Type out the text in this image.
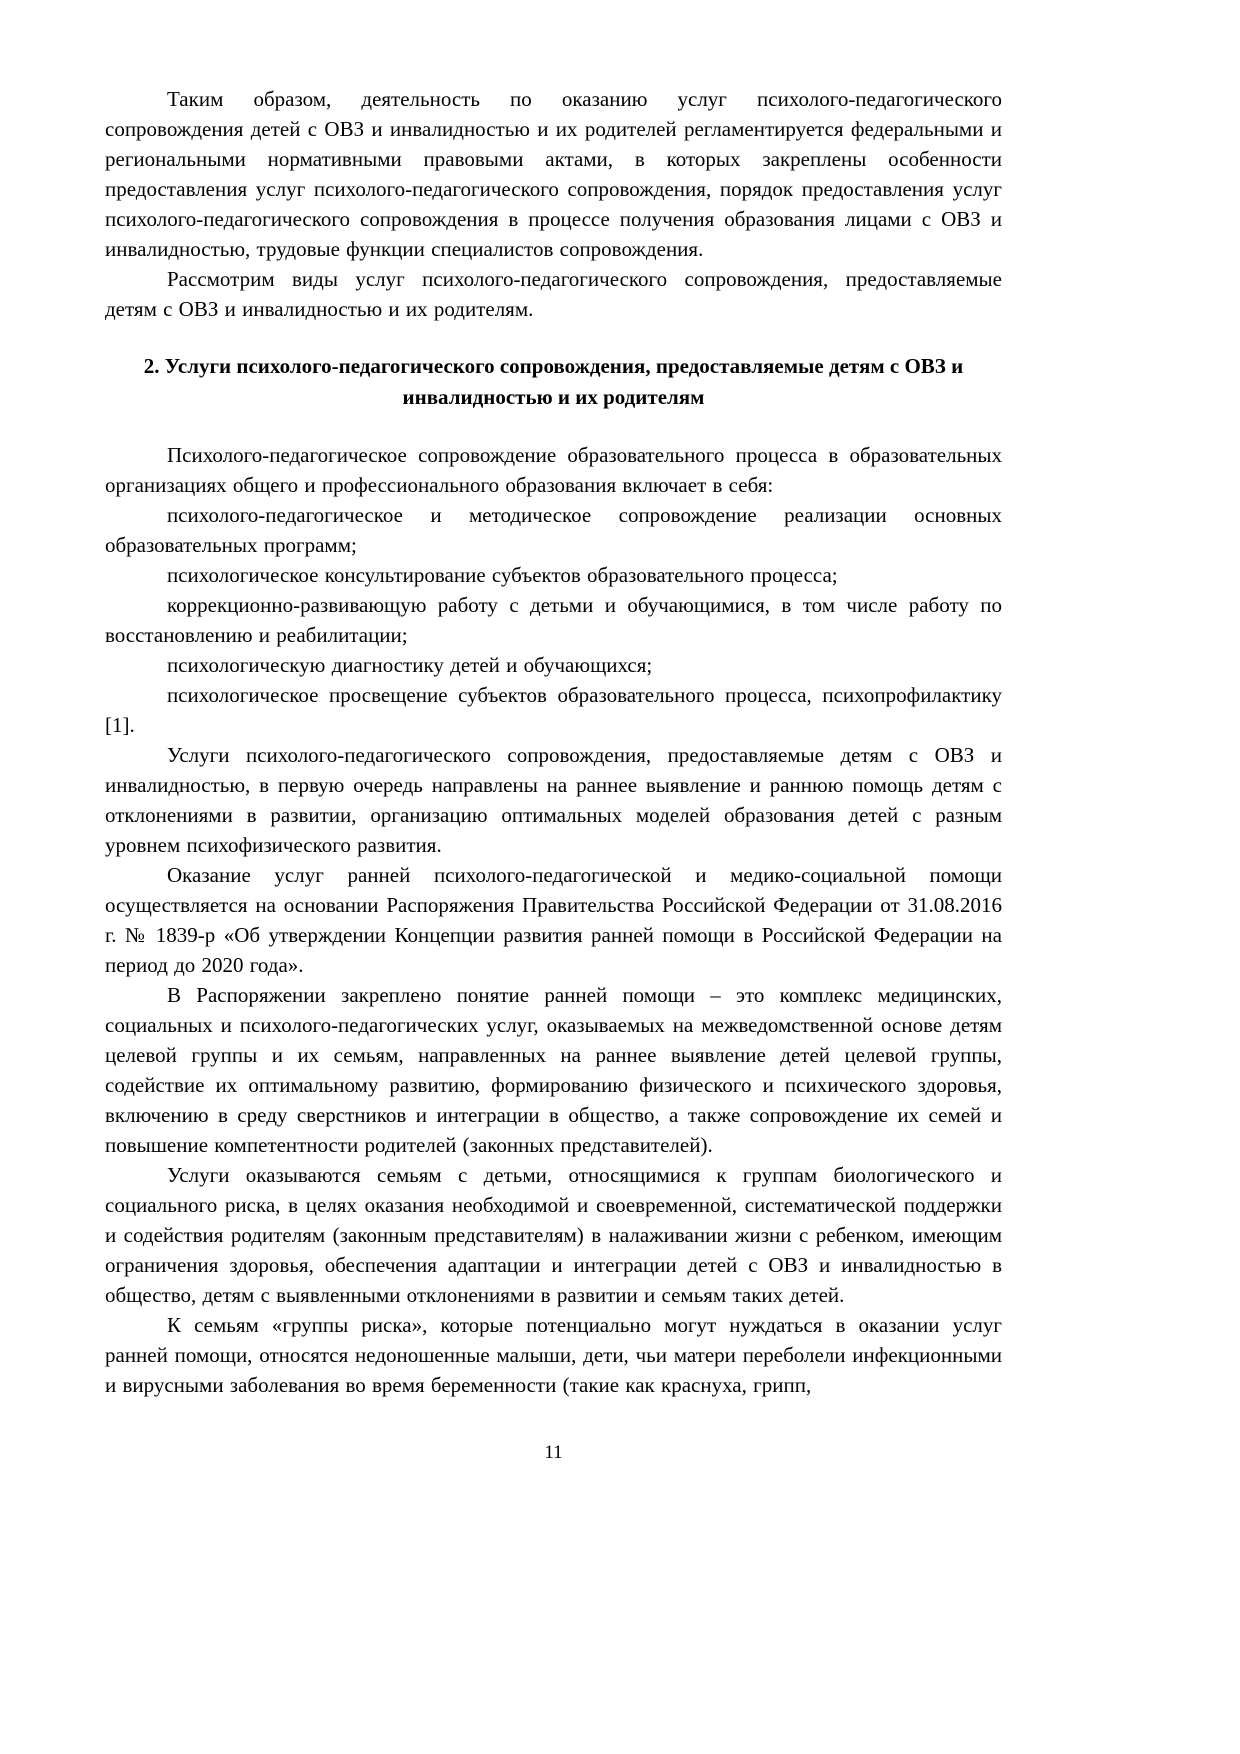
Таким образом, деятельность по оказанию услуг психолого-педагогического сопровождения детей с ОВЗ и инвалидностью и их родителей регламентируется федеральными и региональными нормативными правовыми актами, в которых закреплены особенности предоставления услуг психолого-педагогического сопровождения, порядок предоставления услуг психолого-педагогического сопровождения в процессе получения образования лицами с ОВЗ и инвалидностью, трудовые функции специалистов сопровождения.

Рассмотрим виды услуг психолого-педагогического сопровождения, предоставляемые детям с ОВЗ и инвалидностью и их родителям.

2. Услуги психолого-педагогического сопровождения, предоставляемые детям с ОВЗ и инвалидностью и их родителям

Психолого-педагогическое сопровождение образовательного процесса в образовательных организациях общего и профессионального образования включает в себя:

психолого-педагогическое и методическое сопровождение реализации основных образовательных программ;

психологическое консультирование субъектов образовательного процесса;

коррекционно-развивающую работу с детьми и обучающимися, в том числе работу по восстановлению и реабилитации;

психологическую диагностику детей и обучающихся;

психологическое просвещение субъектов образовательного процесса, психопрофилактику [1].

Услуги психолого-педагогического сопровождения, предоставляемые детям с ОВЗ и инвалидностью, в первую очередь направлены на раннее выявление и раннюю помощь детям с отклонениями в развитии, организацию оптимальных моделей образования детей с разным уровнем психофизического развития.

Оказание услуг ранней психолого-педагогической и медико-социальной помощи осуществляется на основании Распоряжения Правительства Российской Федерации от 31.08.2016 г. № 1839-р «Об утверждении Концепции развития ранней помощи в Российской Федерации на период до 2020 года».

В Распоряжении закреплено понятие ранней помощи – это комплекс медицинских, социальных и психолого-педагогических услуг, оказываемых на межведомственной основе детям целевой группы и их семьям, направленных на раннее выявление детей целевой группы, содействие их оптимальному развитию, формированию физического и психического здоровья, включению в среду сверстников и интеграции в общество, а также сопровождение их семей и повышение компетентности родителей (законных представителей).

Услуги оказываются семьям с детьми, относящимися к группам биологического и социального риска, в целях оказания необходимой и своевременной, систематической поддержки и содействия родителям (законным представителям) в налаживании жизни с ребенком, имеющим ограничения здоровья, обеспечения адаптации и интеграции детей с ОВЗ и инвалидностью в общество, детям с выявленными отклонениями в развитии и семьям таких детей.

К семьям «группы риска», которые потенциально могут нуждаться в оказании услуг ранней помощи, относятся недоношенные малыши, дети, чьи матери переболели инфекционными и вирусными заболевания во время беременности (такие как краснуха, грипп,

11
